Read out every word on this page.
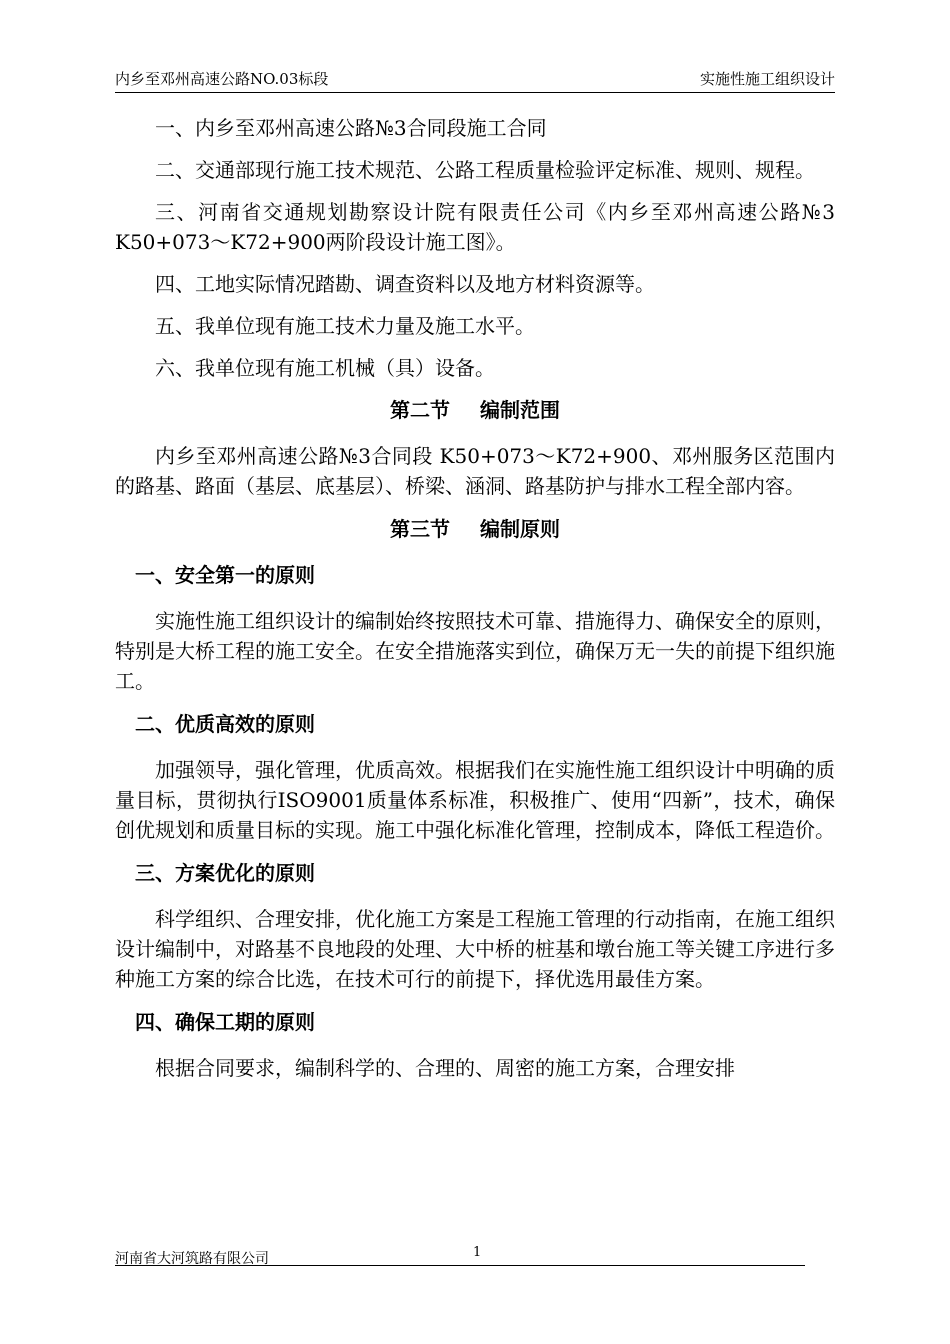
内乡至邓州高速公路NO.03标段	实施性施工组织设计
一、内乡至邓州高速公路№3合同段施工合同
二、交通部现行施工技术规范、公路工程质量检验评定标准、规则、规程。
三、河南省交通规划勘察设计院有限责任公司《内乡至邓州高速公路№3 K50+073～K72+900两阶段设计施工图》。
四、工地实际情况踏勘、调查资料以及地方材料资源等。
五、我单位现有施工技术力量及施工水平。
六、我单位现有施工机械（具）设备。
第二节 编制范围
内乡至邓州高速公路№3合同段 K50+073～K72+900、邓州服务区范围内的路基、路面（基层、底基层）、桥梁、涵洞、路基防护与排水工程全部内容。
第三节 编制原则
一、安全第一的原则
实施性施工组织设计的编制始终按照技术可靠、措施得力、确保安全的原则，特别是大桥工程的施工安全。在安全措施落实到位，确保万无一失的前提下组织施工。
二、优质高效的原则
加强领导，强化管理，优质高效。根据我们在实施性施工组织设计中明确的质量目标，贯彻执行ISO9001质量体系标准，积极推广、使用“四新”，技术，确保创优规划和质量目标的实现。施工中强化标准化管理，控制成本，降低工程造价。
三、方案优化的原则
科学组织、合理安排，优化施工方案是工程施工管理的行动指南，在施工组织设计编制中，对路基不良地段的处理、大中桥的桩基和墩台施工等关键工序进行多种施工方案的综合比选，在技术可行的前提下，择优选用最佳方案。
四、确保工期的原则
根据合同要求，编制科学的、合理的、周密的施工方案，合理安排
河南省大河筑路有限公司	1
